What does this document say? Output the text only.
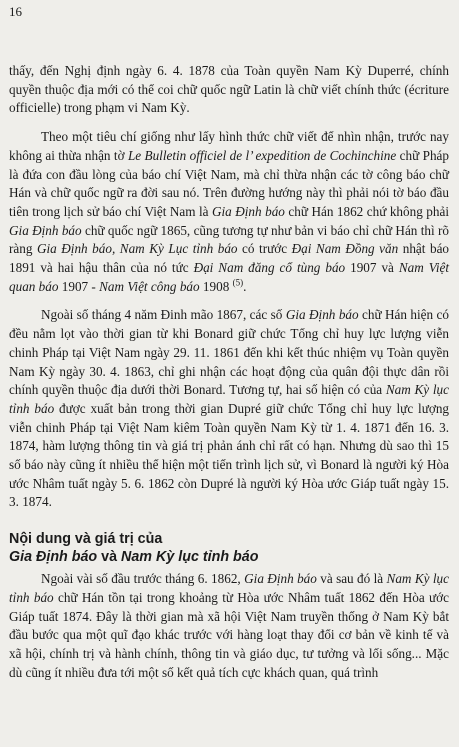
16

thấy, đến Nghị định ngày 6. 4. 1878 của Toàn quyền Nam Kỳ Duperré, chính quyền thuộc địa mới có thể coi chữ quốc ngữ Latin là chữ viết chính thức (écriture officielle) trong phạm vi Nam Kỳ.

Theo một tiêu chí giống như lấy hình thức chữ viết để nhìn nhận, trước nay không ai thừa nhận tờ Le Bulletin officiel de l’ expedition de Cochinchine chữ Pháp là đứa con đầu lòng của báo chí Việt Nam, mà chỉ thừa nhận các tờ công báo chữ Hán và chữ quốc ngữ ra đời sau nó. Trên đường hướng này thì phải nói tờ báo đầu tiên trong lịch sử báo chí Việt Nam là Gia Định báo chữ Hán 1862 chứ không phải Gia Định báo chữ quốc ngữ 1865, cũng tương tự như bản vi báo chỉ chữ Hán thì rõ ràng Gia Định báo, Nam Kỳ Lục tỉnh báo có trước Đại Nam Đồng văn nhật báo 1891 và hai hậu thân của nó tức Đại Nam đăng cổ tùng báo 1907 và Nam Việt quan báo 1907 - Nam Việt công báo 1908 $^{(5)}$.

Ngoài số tháng 4 năm Đinh mão 1867, các số Gia Định báo chữ Hán hiện có đều nằm lọt vào thời gian từ khi Bonard giữ chức Tổng chỉ huy lực lượng viễn chinh Pháp tại Việt Nam ngày 29. 11. 1861 đến khi kết thúc nhiệm vụ Toàn quyền Nam Kỳ ngày 30. 4. 1863, chỉ ghi nhận các hoạt động của quân đội thực dân rồi chính quyền thuộc địa dưới thời Bonard. Tương tự, hai số hiện có của Nam Kỳ lục tỉnh báo được xuất bản trong thời gian Dupré giữ chức Tổng chỉ huy lực lượng viễn chinh Pháp tại Việt Nam kiêm Toàn quyền Nam Kỳ từ 1. 4. 1871 đến 16. 3. 1874, hàm lượng thông tin và giá trị phản ánh chỉ rất có hạn. Nhưng dù sao thì 15 số báo này cũng ít nhiều thể hiện một tiến trình lịch sử, vì Bonard là người ký Hòa ước Nhâm tuất ngày 5. 6. 1862 còn Dupré là người ký Hòa ước Giáp tuất ngày 15. 3. 1874.

Nội dung và giá trị của
Gia Định báo và Nam Kỳ lục tỉnh báo

Ngoài vài số đầu trước tháng 6. 1862, Gia Định báo và sau đó là Nam Kỳ lục tỉnh báo chữ Hán tồn tại trong khoảng từ Hòa ước Nhâm tuất 1862 đến Hòa ước Giáp tuất 1874. Đây là thời gian mà xã hội Việt Nam truyền thống ở Nam Kỳ bắt đầu bước qua một quĩ đạo khác trước với hàng loạt thay đổi cơ bản về kinh tế và xã hội, chính trị và hành chính, thông tin và giáo dục, tư tưởng và lối sống... Mặc dù cũng ít nhiều đưa tới một số kết quả tích cực khách quan, quá trình
